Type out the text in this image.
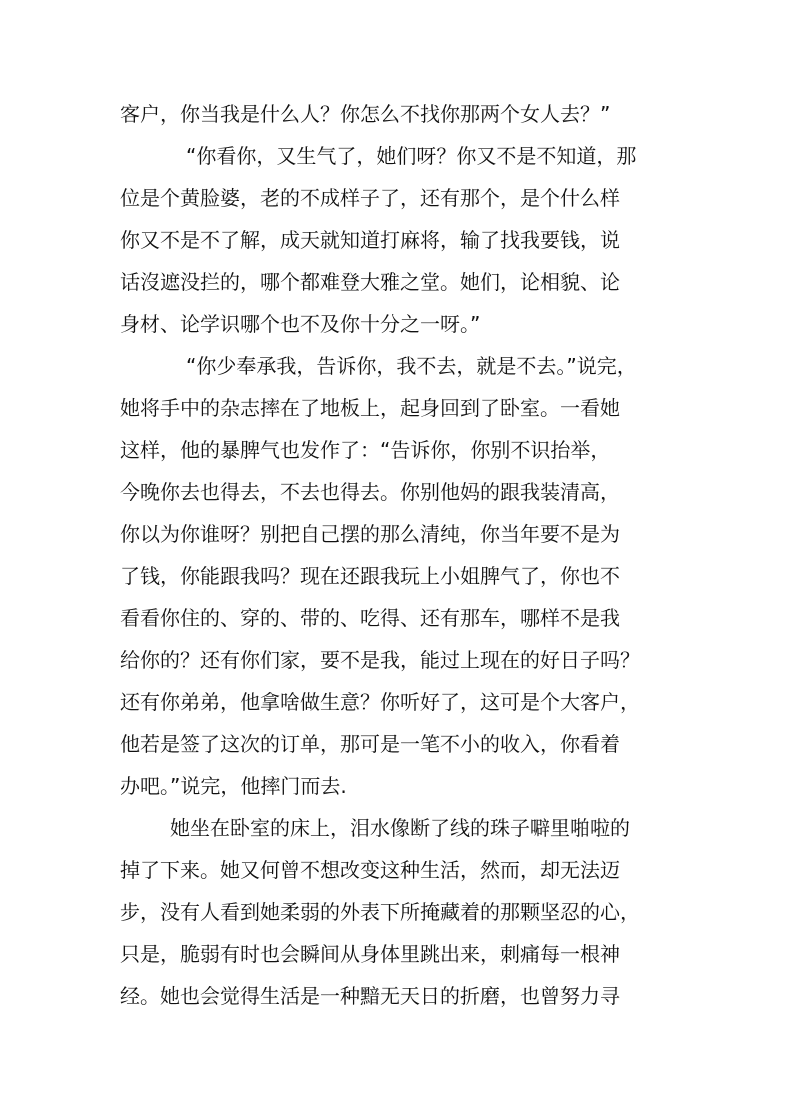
客户，你当我是什么人？你怎么不找你那两个女人去？”
“你看你，又生气了，她们呀？你又不是不知道，那
位是个黄脸婆，老的不成样子了，还有那个，是个什么样
你又不是不了解，成天就知道打麻将，输了找我要钱，说
话沒遮没拦的，哪个都难登大雅之堂。她们，论相貌、论
身材、论学识哪个也不及你十分之一呀。”
“你少奉承我，告诉你，我不去，就是不去。”说完，
她将手中的杂志摔在了地板上，起身回到了卧室。一看她
这样，他的暴脾气也发作了：“告诉你，你别不识抬举，
今晚你去也得去，不去也得去。你别他妈的跟我装清高，
你以为你谁呀？别把自己摆的那么清纯，你当年要不是为
了钱，你能跟我吗？现在还跟我玩上小姐脾气了，你也不
看看你住的、穿的、带的、吃得、还有那车，哪样不是我
给你的？还有你们家，要不是我，能过上现在的好日子吗？
还有你弟弟，他拿啥做生意？你听好了，这可是个大客户，
他若是签了这次的订单，那可是一笔不小的收入，你看着
办吧。”说完，他摔门而去.
她坐在卧室的床上，泪水像断了线的珠子噼里啪啦的
掉了下来。她又何曾不想改变这种生活，然而，却无法迈
步，没有人看到她柔弱的外表下所掩藏着的那颗坚忍的心，
只是，脆弱有时也会瞬间从身体里跳出来，刺痛每一根神
经。她也会觉得生活是一种黯无天日的折磨，也曾努力寻
